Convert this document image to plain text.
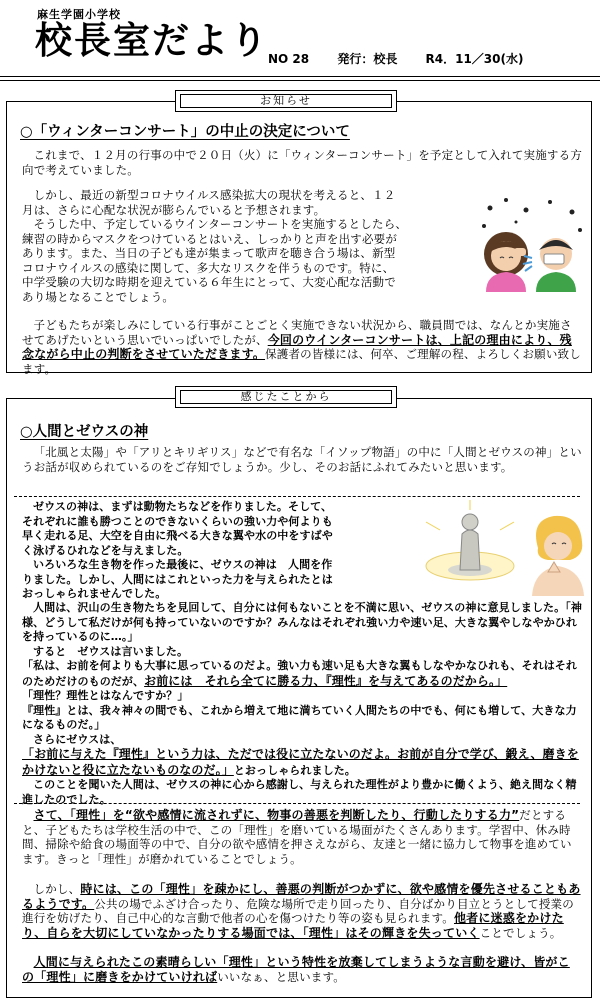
麻生学園小学校
校長室だより NO 28 発行：校長 R4．11／30(水)
お知らせ
○「ウィンターコンサート」の中止の決定について
これまで、１２月の行事の中で２０日（火）に「ウィンターコンサート」を予定として入れて実施する方向で考えていました。

しかし、最近の新型コロナウイルス感染拡大の現状を考えると、１２

月は、さらに心配な状況が膨らんでいると予想されます。

そうした中、予定しているウインターコンサートを実施するとしたら、

練習の時からマスクをつけているとはいえ、しっかりと声を出す必要が

あります。また、当日の子ども達が集まって歌声を聴き合う場は、新型

コロナウイルスの感染に関して、多大なリスクを伴うものです。特に、

中学受験の大切な時期を迎えている６年生にとって、大変心配な活動で

あり場となることでしょう。

子どもたちが楽しみにしている行事がことごとく実施できない状況から、職員間では、なんとか実施させてあげたいという思いでいっぱいでしたが、今回のウインターコンサートは、上記の理由により、残念ながら中止の判断をさせていただきます。保護者の皆様には、何卒、ご理解の程、よろしくお願い致します。
感じたことから
○人間とゼウスの神
「北風と太陽」や「アリとキリギリス」などで有名な「イソップ物語」の中に「人間とゼウスの神」というお話が収められているのをご存知でしょうか。少し、そのお話にふれてみたいと思います。

ゼウスの神は、まずは動物たちなどを作りました。そして、

それぞれに誰も勝つことのできないくらいの強い力や何よりも

早く走れる足、大空を自由に飛べる大きな翼や水の中をすばや

く泳げるひれなどを与えました。

いろいろな生き物を作った最後に、ゼウスの神は　人間を作

りました。しかし、人間にはこれといった力を与えられたとは

おっしゃられませんでした。

人間は、沢山の生き物たちを見回して、自分には何もないことを不満に思い、ゼウスの神に意見しました。「神様、どうして私だけが何も持っていないのですか？みんなはそれぞれ強い力や速い足、大きな翼やしなやかひれを持っているのに…。」

すると　ゼウスは言いました。

「私は、お前を何よりも大事に思っているのだよ。強い力も速い足も大きな翼もしなやかなひれも、それはそれのためだけのものだが、お前には　それら全てに勝る力、『理性』を与えてあるのだから。」

「理性？理性とはなんですか？」

『理性』とは、我々神々の間でも、これから増えて地に満ちていく人間たちの中でも、何にも増して、大きな力になるものだ。」

さらにゼウスは、

「お前に与えた『理性』という力は、ただでは役に立たないのだよ。お前が自分で学び、鍛え、磨きをかけないと役に立たないものなのだ。」とおっしゃられました。

このことを聞いた人間は、ゼウスの神に心から感謝し、与えられた理性がより豊かに働くよう、絶え間なく精進したのでした。

さて、「理性」を“欲や感情に流されずに、物事の善悪を判断したり、行動したりする力”だとすると、子どもたちは学校生活の中で、この「理性」を磨いている場面がたくさんあります。学習中、休み時間、掃除や給食の場面等の中で、自分の欲や感情を押さえながら、友達と一緒に協力して物事を進めています。きっと「理性」が磨かれていることでしょう。
しかし、時には、この「理性」を疎かにし、善悪の判断がつかずに、欲や感情を優先させることもあるようです。公共の場でふざけ合ったり、危険な場所で走り回ったり、自分ばかり目立とうとして授業の進行を妨げたり、自己中心的な言動で他者の心を傷つけたり等の姿も見られます。他者に迷惑をかけたり、自らを大切にしていなかったりする場面では、「理性」はその輝きを失っていくことでしょう。
人間に与えられたこの素晴らしい「理性」という特性を放棄してしまうような言動を避け、皆がこの「理性」に磨きをかけていければいいなぁ、と思います。
